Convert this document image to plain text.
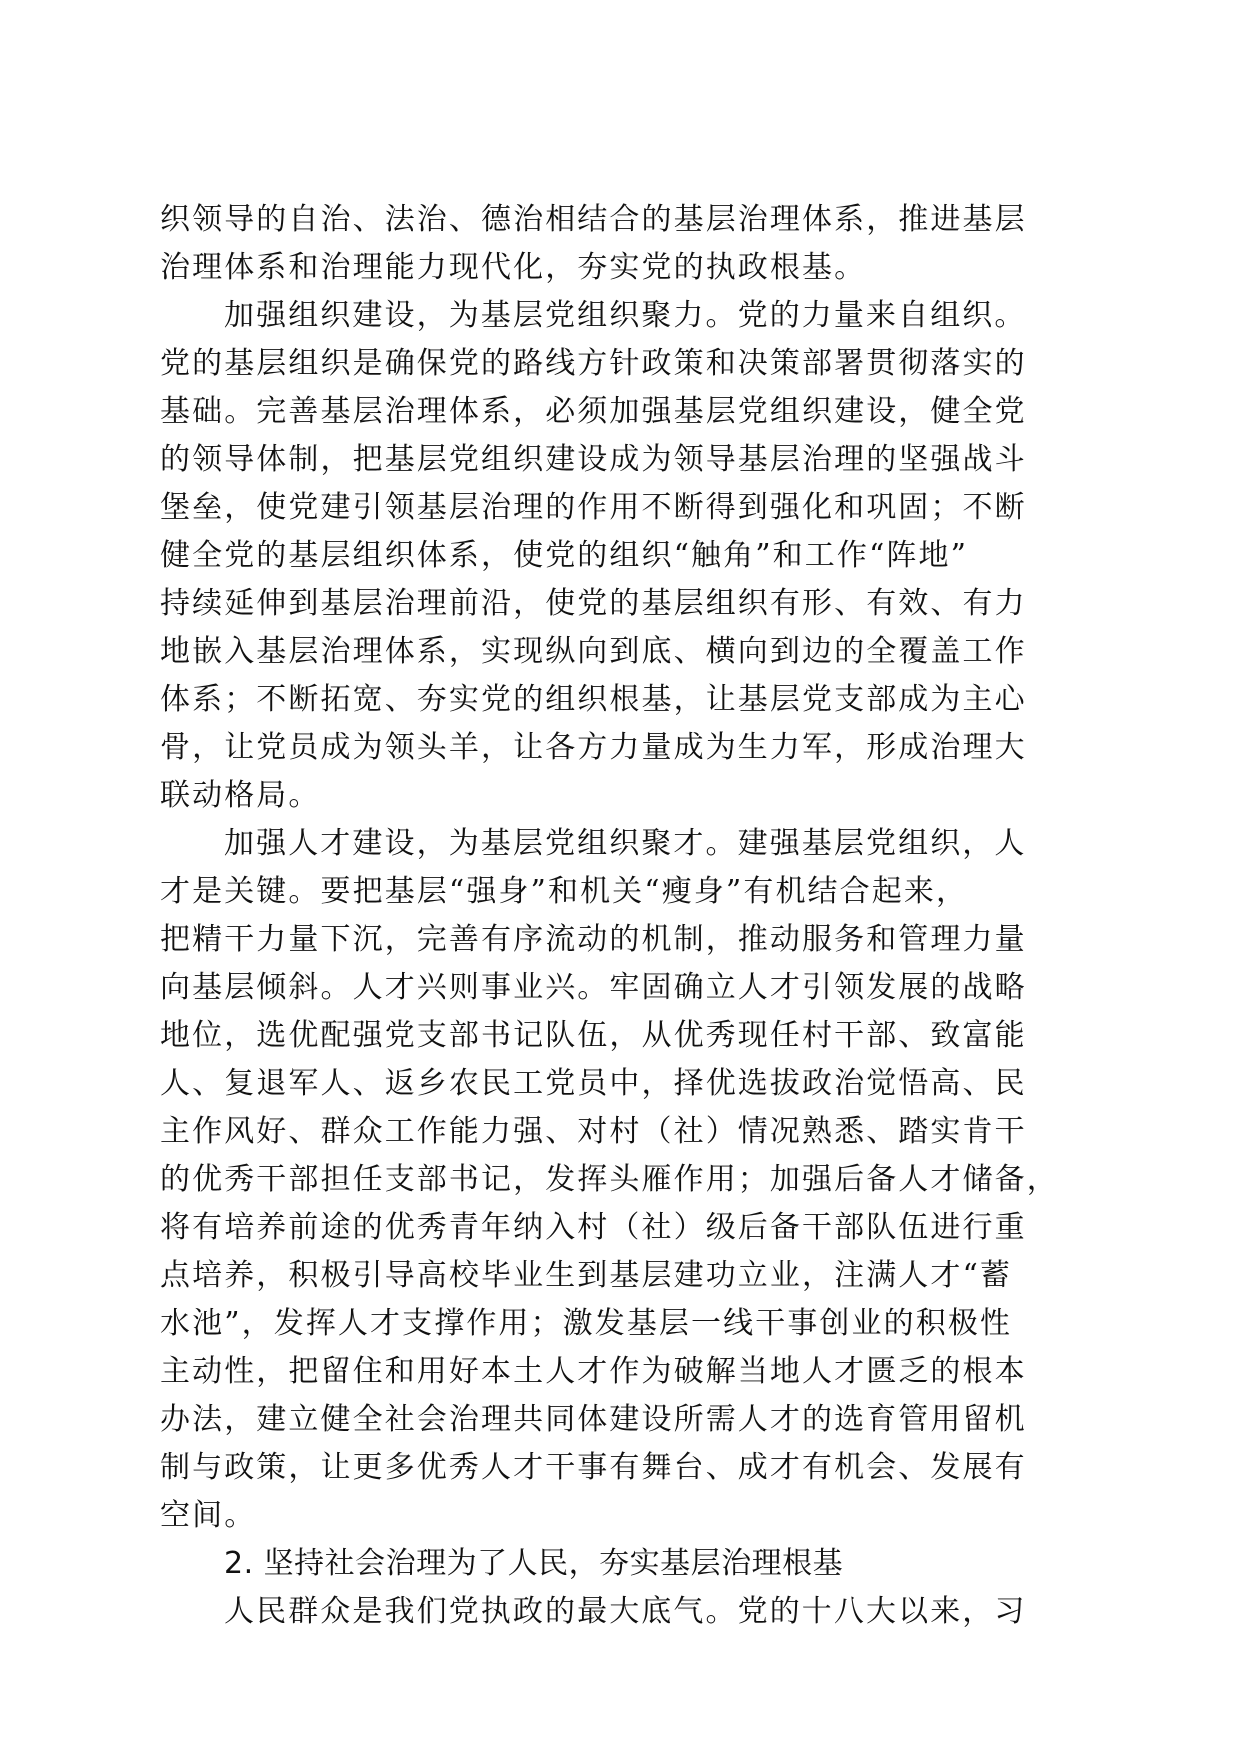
织领导的自治、法治、德治相结合的基层治理体系，推进基层
治理体系和治理能力现代化，夯实党的执政根基。
加强组织建设，为基层党组织聚力。党的力量来自组织。
党的基层组织是确保党的路线方针政策和决策部署贯彻落实的
基础。完善基层治理体系，必须加强基层党组织建设，健全党
的领导体制，把基层党组织建设成为领导基层治理的坚强战斗
堡垒，使党建引领基层治理的作用不断得到强化和巩固；不断
健全党的基层组织体系，使党的组织“触角”和工作“阵地”
持续延伸到基层治理前沿，使党的基层组织有形、有效、有力
地嵌入基层治理体系，实现纵向到底、横向到边的全覆盖工作
体系；不断拓宽、夯实党的组织根基，让基层党支部成为主心
骨，让党员成为领头羊，让各方力量成为生力军，形成治理大
联动格局。
加强人才建设，为基层党组织聚才。建强基层党组织，人
才是关键。要把基层“强身”和机关“瘦身”有机结合起来，
把精干力量下沉，完善有序流动的机制，推动服务和管理力量
向基层倾斜。人才兴则事业兴。牢固确立人才引领发展的战略
地位，选优配强党支部书记队伍，从优秀现任村干部、致富能
人、复退军人、返乡农民工党员中，择优选拔政治觉悟高、民
主作风好、群众工作能力强、对村（社）情况熟悉、踏实肯干
的优秀干部担任支部书记，发挥头雁作用；加强后备人才储备，
将有培养前途的优秀青年纳入村（社）级后备干部队伍进行重
点培养，积极引导高校毕业生到基层建功立业，注满人才“蓄
水池”，发挥人才支撑作用；激发基层一线干事创业的积极性
主动性，把留住和用好本土人才作为破解当地人才匮乏的根本
办法，建立健全社会治理共同体建设所需人才的选育管用留机
制与政策，让更多优秀人才干事有舞台、成才有机会、发展有
空间。
2. 坚持社会治理为了人民，夯实基层治理根基
人民群众是我们党执政的最大底气。党的十八大以来，习
